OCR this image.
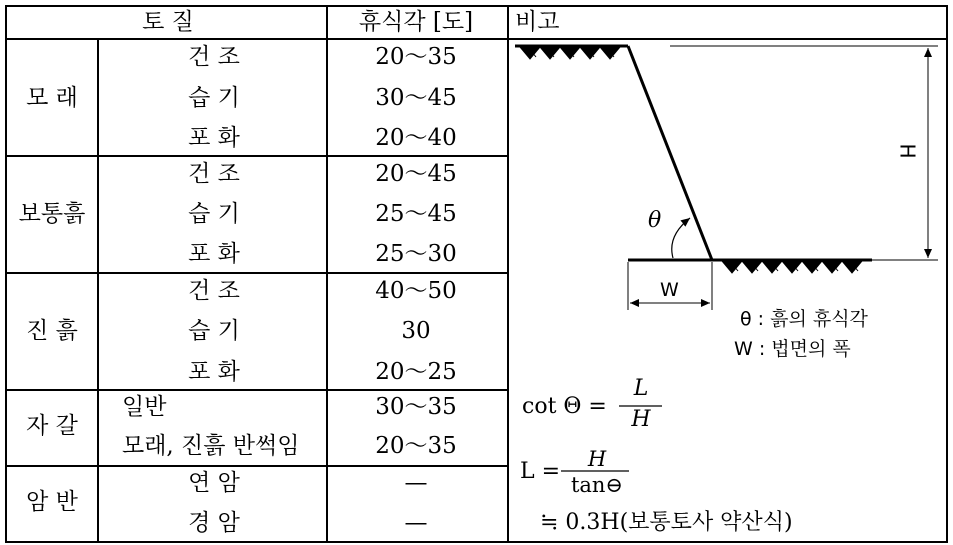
토 질	휴식각 [도] 비고
모 래
건 조	20～35
습 기	30～45
포 화	20～40
보통흙
건 조	20～45
습 기	25～45
포 화	25～30
진 흙
건 조	40～50
습 기	30
포 화	20～25
자 갈
일반	30～35
모래, 진흙 반썩임	20～35
암 반
연 암	—
경 암	—
H
W
θ
θ : 흙의 휴식각
W : 법면의 폭
cot Θ =
L
H
L = H
tan⊖
≒ 0.3H(보통토사 약산식)
